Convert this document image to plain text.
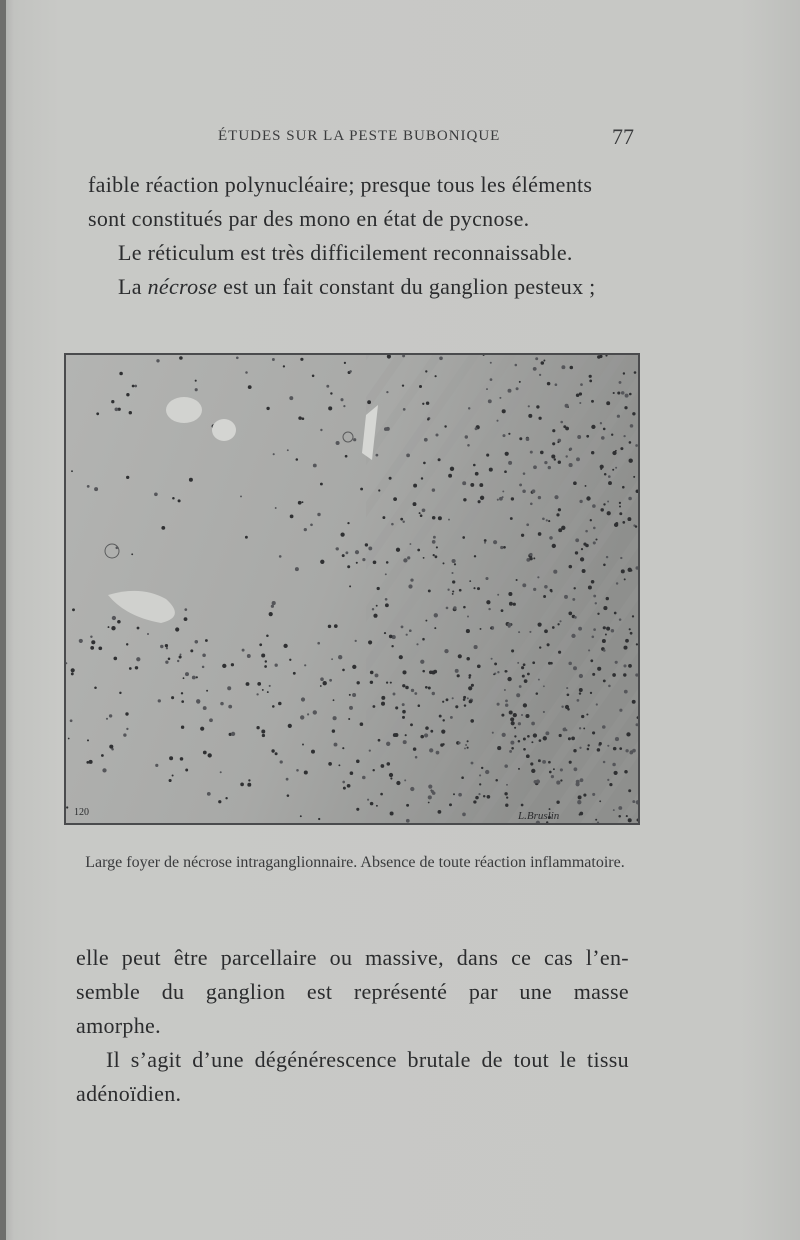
ÉTUDES SUR LA PESTE BUBONIQUE	77
faible réaction polynucléaire; presque tous les éléments
sont constitués par des mono en état de pycnose.
Le réticulum est très difficilement reconnaissable.
La nécrose est un fait constant du ganglion pesteux ;
120	L.Bruslin
Large foyer de nécrose intraganglionnaire. Absence de toute réaction inflammatoire.
elle peut être parcellaire ou massive, dans ce cas l’en-
semble du ganglion est représenté par une masse
amorphe.
Il s’agit d’une dégénérescence brutale de tout le tissu
adénoïdien.
